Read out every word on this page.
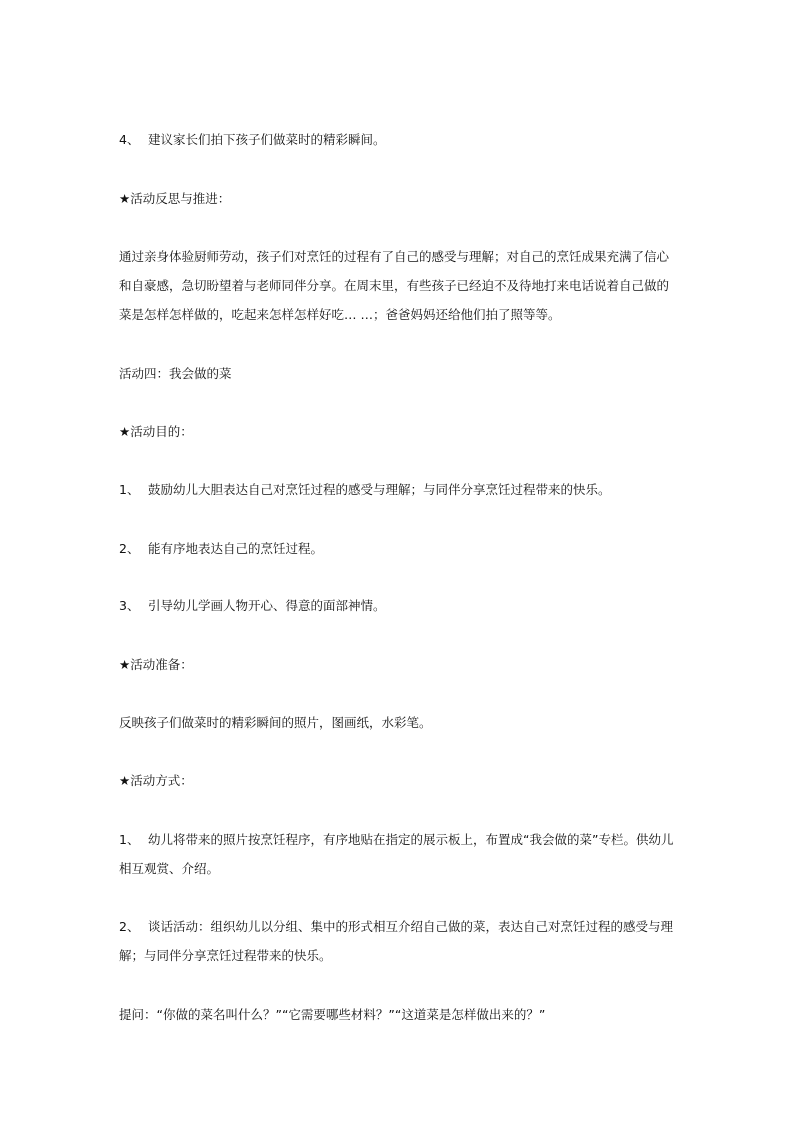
4、 建议家长们拍下孩子们做菜时的精彩瞬间。

★活动反思与推进：

通过亲身体验厨师劳动，孩子们对烹饪的过程有了自己的感受与理解；对自己的烹饪成果充满了信心和自豪感，急切盼望着与老师同伴分享。在周末里，有些孩子已经迫不及待地打来电话说着自己做的菜是怎样怎样做的，吃起来怎样怎样好吃… …；爸爸妈妈还给他们拍了照等等。

活动四：我会做的菜

★活动目的：

1、 鼓励幼儿大胆表达自己对烹饪过程的感受与理解；与同伴分享烹饪过程带来的快乐。

2、 能有序地表达自己的烹饪过程。

3、 引导幼儿学画人物开心、得意的面部神情。

★活动准备：

反映孩子们做菜时的精彩瞬间的照片，图画纸，水彩笔。

★活动方式：

1、 幼儿将带来的照片按烹饪程序，有序地贴在指定的展示板上，布置成“我会做的菜”专栏。供幼儿相互观赏、介绍。

2、 谈话活动：组织幼儿以分组、集中的形式相互介绍自己做的菜，表达自己对烹饪过程的感受与理解；与同伴分享烹饪过程带来的快乐。

提问：“你做的菜名叫什么？”“它需要哪些材料？”“这道菜是怎样做出来的？”
